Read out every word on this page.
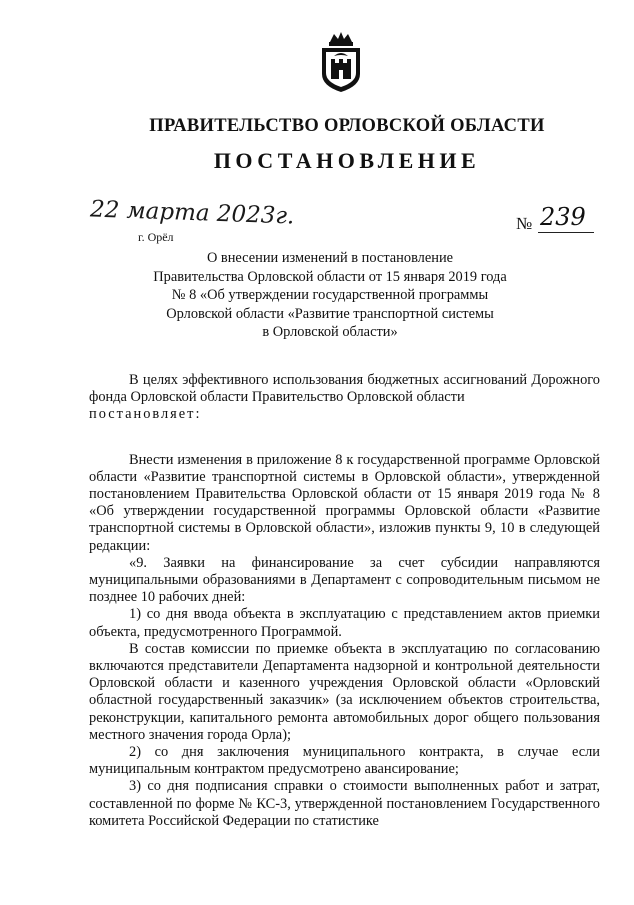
ПРАВИТЕЛЬСТВО ОРЛОВСКОЙ ОБЛАСТИ
ПОСТАНОВЛЕНИЕ
22 марта 2023г.
г. Орёл
№ 239
О внесении изменений в постановление
Правительства Орловской области от 15 января 2019 года
№ 8 «Об утверждении государственной программы
Орловской области «Развитие транспортной системы
в Орловской области»

В целях эффективного использования бюджетных ассигнований Дорожного фонда Орловской области Правительство Орловской области
постановляет:

Внести изменения в приложение 8 к государственной программе Орловской области «Развитие транспортной системы в Орловской области», утвержденной постановлением Правительства Орловской области от 15 января 2019 года № 8 «Об утверждении государственной программы Орловской области «Развитие транспортной системы в Орловской области», изложив пункты 9, 10 в следующей редакции:

«9. Заявки на финансирование за счет субсидии направляются муниципальными образованиями в Департамент с сопроводительным письмом не позднее 10 рабочих дней:

1) со дня ввода объекта в эксплуатацию с представлением актов приемки объекта, предусмотренного Программой.

В состав комиссии по приемке объекта в эксплуатацию по согласованию включаются представители Департамента надзорной и контрольной деятельности Орловской области и казенного учреждения Орловской области «Орловский областной государственный заказчик» (за исключением объектов строительства, реконструкции, капитального ремонта автомобильных дорог общего пользования местного значения города Орла);

2) со дня заключения муниципального контракта, в случае если муниципальным контрактом предусмотрено авансирование;

3) со дня подписания справки о стоимости выполненных работ и затрат, составленной по форме № КС-3, утвержденной постановлением Государственного комитета Российской Федерации по статистике
